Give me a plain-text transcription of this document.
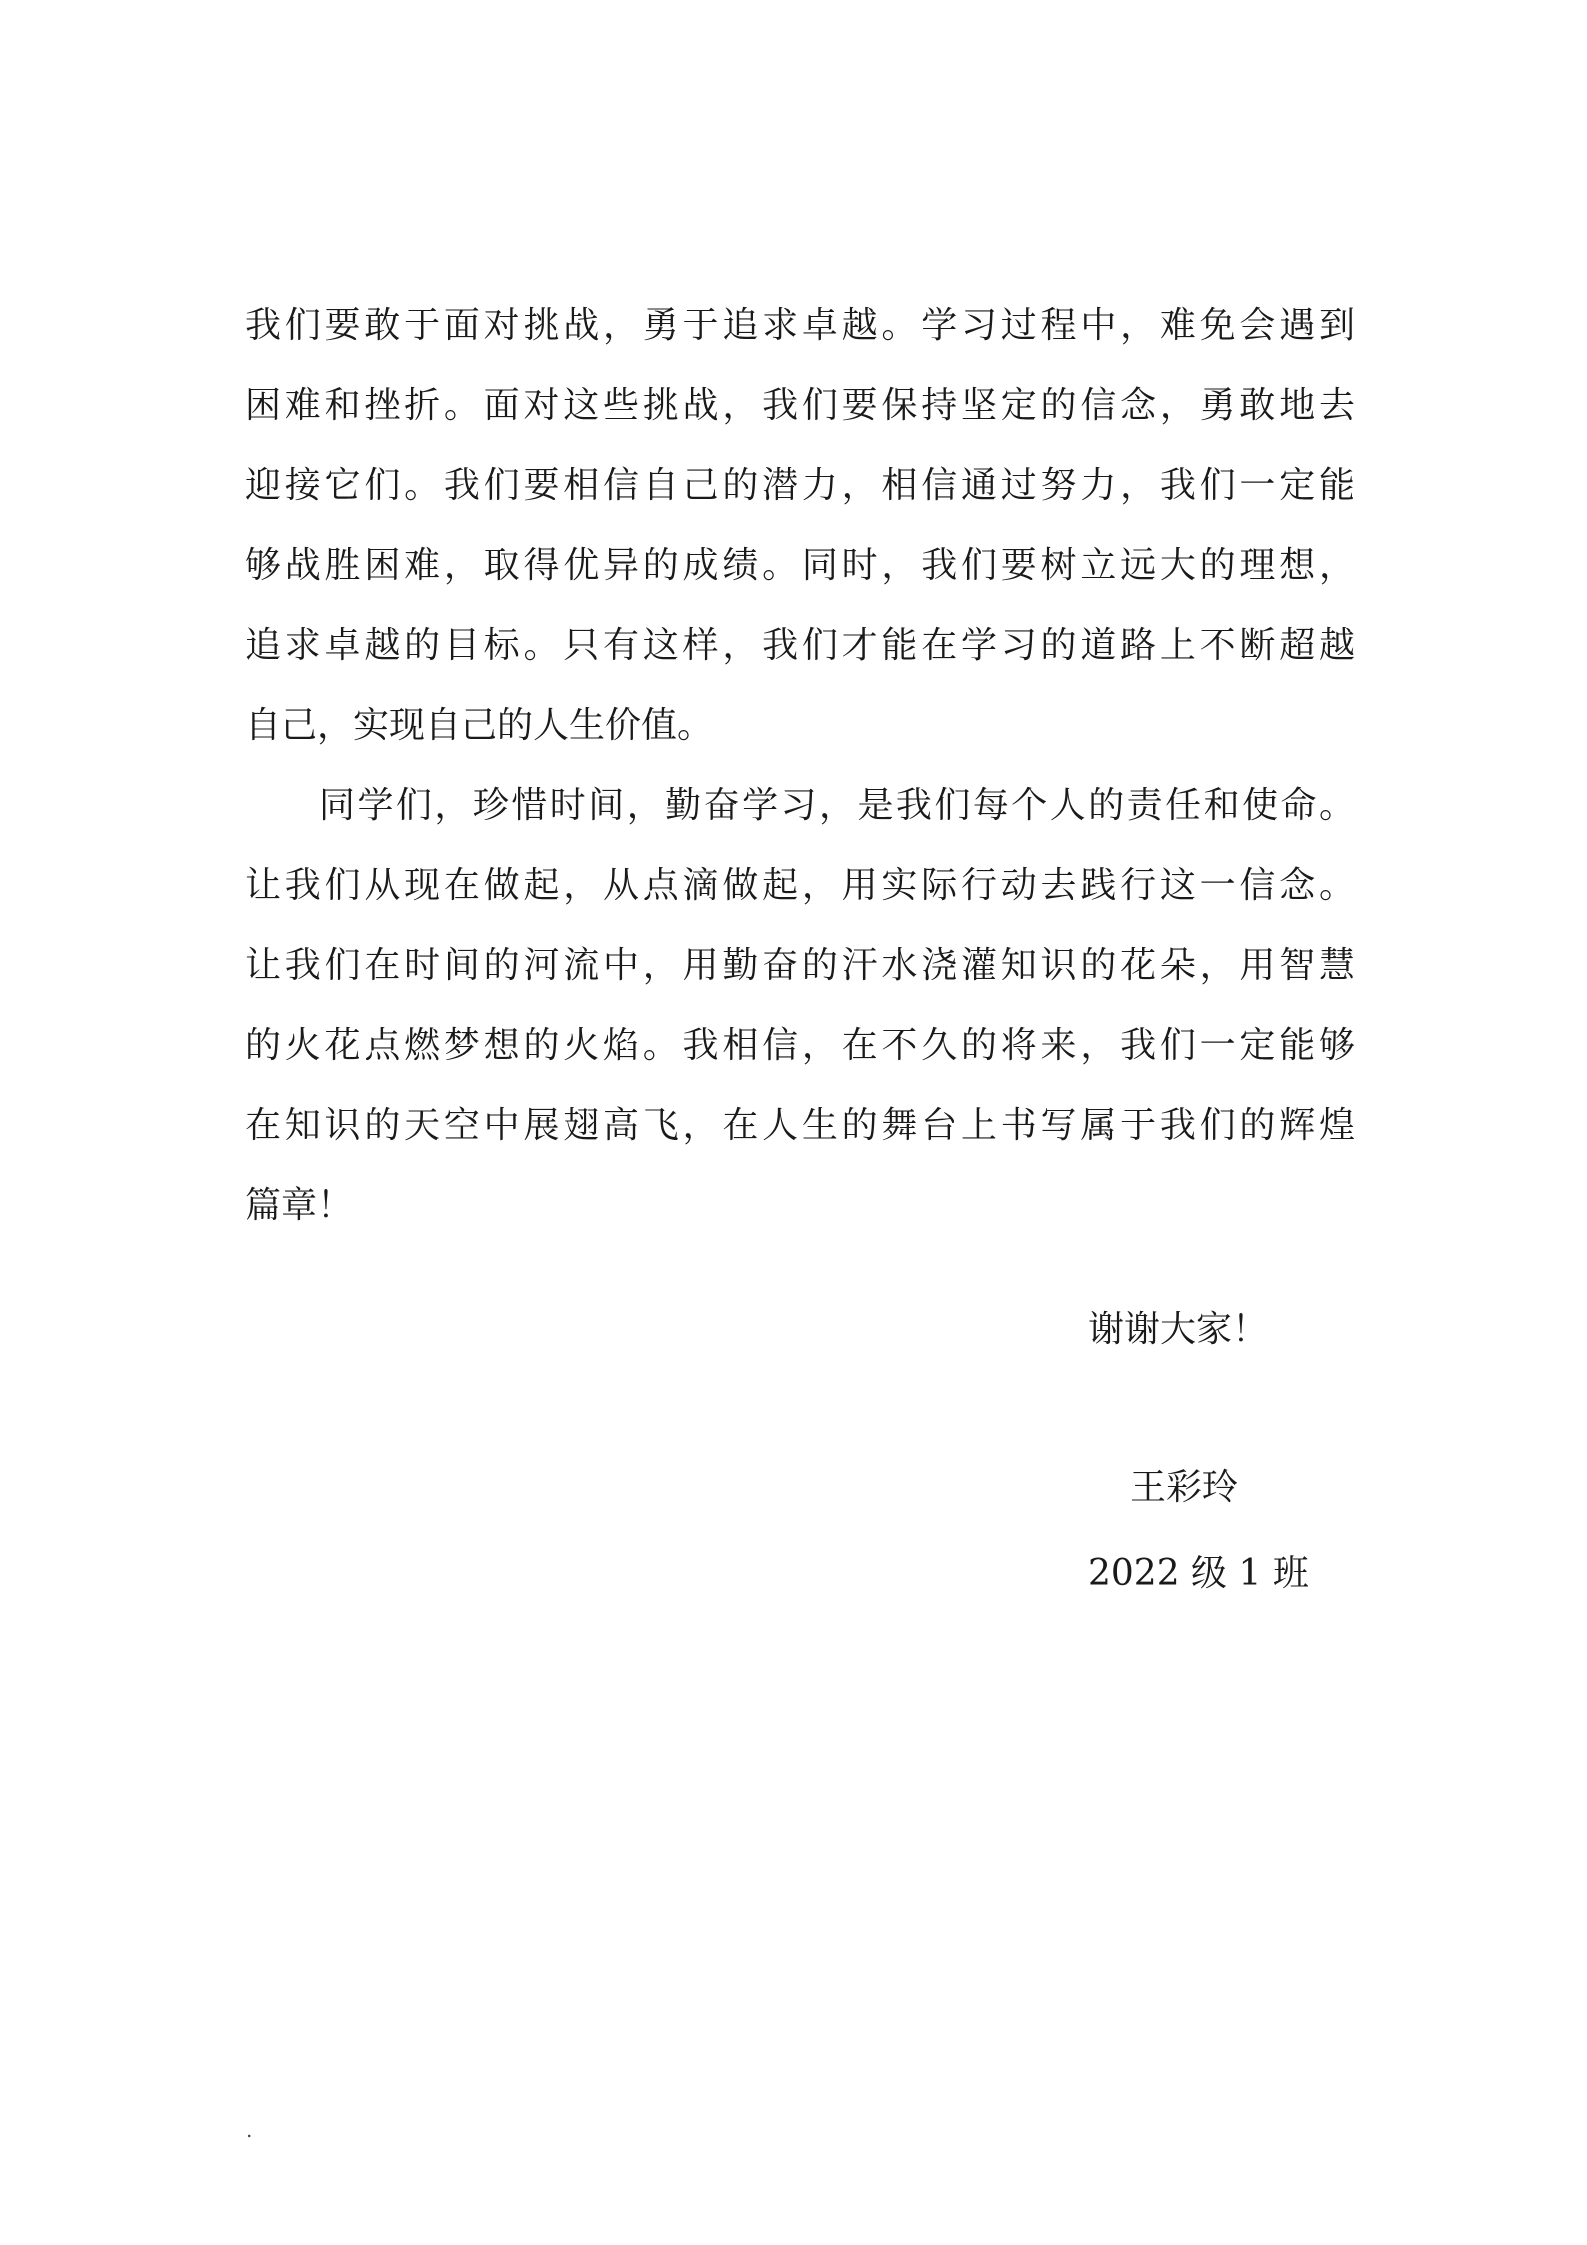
我们要敢于面对挑战，勇于追求卓越。学习过程中，难免会遇到
困难和挫折。面对这些挑战，我们要保持坚定的信念，勇敢地去
迎接它们。我们要相信自己的潜力，相信通过努力，我们一定能
够战胜困难，取得优异的成绩。同时，我们要树立远大的理想，
追求卓越的目标。只有这样，我们才能在学习的道路上不断超越
自己，实现自己的人生价值。
同学们，珍惜时间，勤奋学习，是我们每个人的责任和使命。
让我们从现在做起，从点滴做起，用实际行动去践行这一信念。
让我们在时间的河流中，用勤奋的汗水浇灌知识的花朵，用智慧
的火花点燃梦想的火焰。我相信，在不久的将来，我们一定能够
在知识的天空中展翅高飞，在人生的舞台上书写属于我们的辉煌
篇章！
谢谢大家！
王彩玲
2022 级 1 班
.
